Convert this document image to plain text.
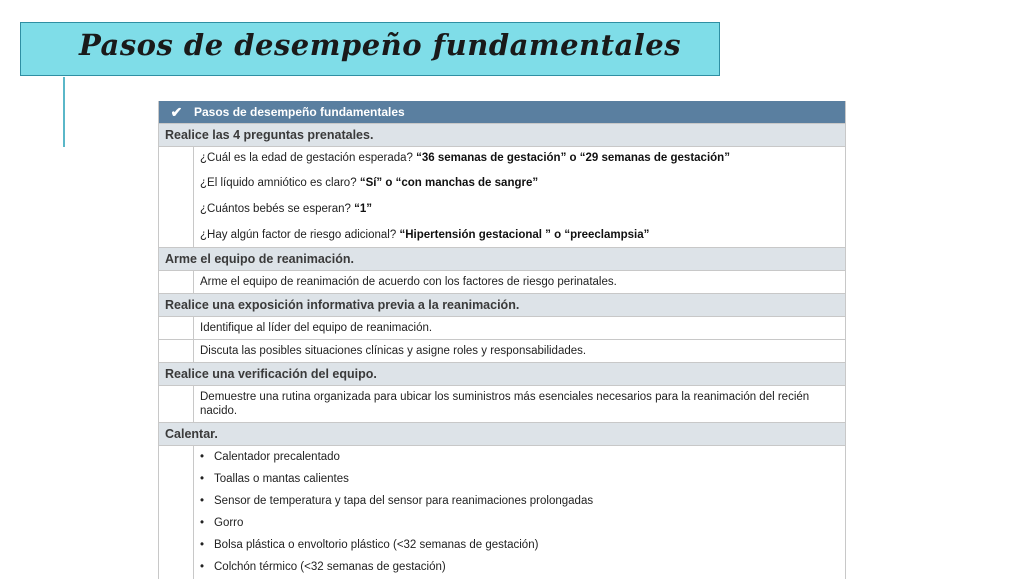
Pasos de desempeño fundamentales
✔ Pasos de desempeño fundamentales
Realice las 4 preguntas prenatales.
¿Cuál es la edad de gestación esperada? “36 semanas de gestación” o “29 semanas de gestación”
¿El líquido amniótico es claro? “Sí” o “con manchas de sangre”
¿Cuántos bebés se esperan? “1”
¿Hay algún factor de riesgo adicional? “Hipertensión gestacional ” o “preeclampsia”
Arme el equipo de reanimación.
Arme el equipo de reanimación de acuerdo con los factores de riesgo perinatales.
Realice una exposición informativa previa a la reanimación.
Identifique al líder del equipo de reanimación.
Discuta las posibles situaciones clínicas y asigne roles y responsabilidades.
Realice una verificación del equipo.
Demuestre una rutina organizada para ubicar los suministros más esenciales necesarios para la reanimación del recién nacido.
Calentar.
• Calentador precalentado
• Toallas o mantas calientes
• Sensor de temperatura y tapa del sensor para reanimaciones prolongadas
• Gorro
• Bolsa plástica o envoltorio plástico (<32 semanas de gestación)
• Colchón térmico (<32 semanas de gestación)
